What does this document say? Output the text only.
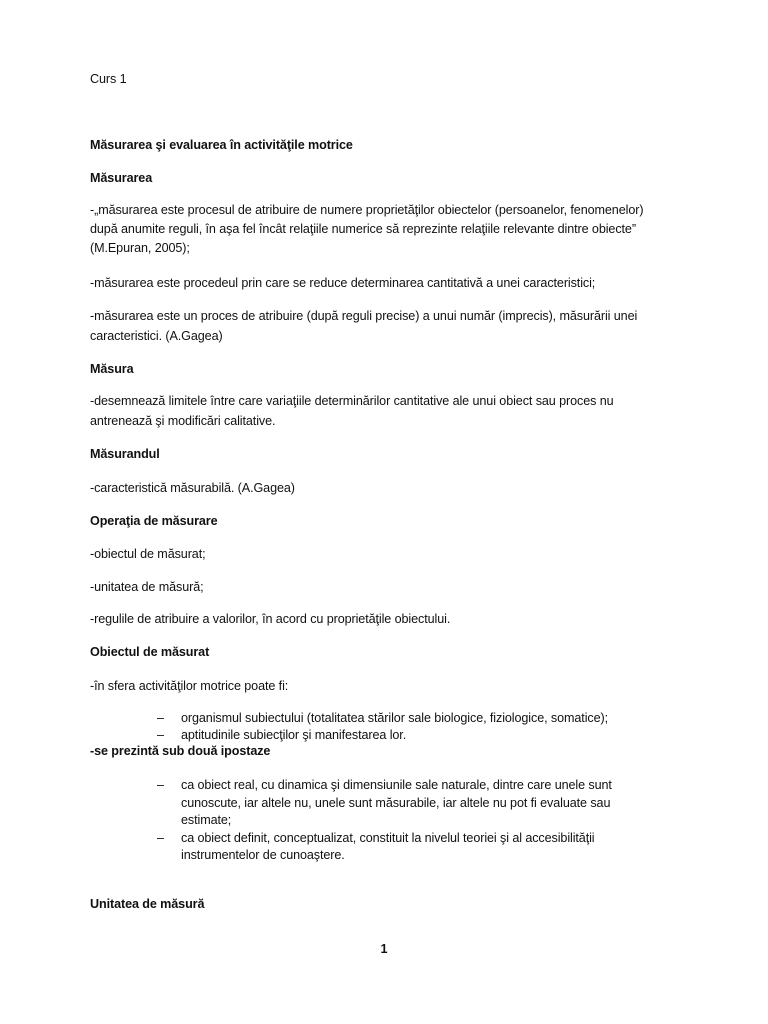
Curs 1
Măsurarea şi evaluarea în activităţile motrice
Măsurarea
-„măsurarea este procesul de atribuire de numere proprietăţilor obiectelor (persoanelor, fenomenelor)
după anumite reguli, în aşa fel încât relaţiile numerice să reprezinte relaţiile relevante dintre obiecte”
(M.Epuran, 2005);
-măsurarea este procedeul prin care se reduce determinarea cantitativă a unei caracteristici;
-măsurarea este un proces de atribuire (după reguli precise) a unui număr (imprecis), măsurării unei
caracteristici. (A.Gagea)
Măsura
-desemnează limitele între care variaţiile determinărilor cantitative ale unui obiect sau proces nu
antrenează şi modificări calitative.
Măsurandul
-caracteristică măsurabilă. (A.Gagea)
Operaţia de măsurare
-obiectul de măsurat;
-unitatea de măsură;
-regulile de atribuire a valorilor, în acord cu proprietăţile obiectului.
Obiectul de măsurat
-în sfera activităţilor motrice poate fi:
– organismul subiectului (totalitatea stărilor sale biologice, fiziologice, somatice);
– aptitudinile subiecţilor şi manifestarea lor.
-se prezintă sub două ipostaze
– ca obiect real, cu dinamica şi dimensiunile sale naturale, dintre care unele sunt
cunoscute, iar altele nu, unele sunt măsurabile, iar altele nu pot fi evaluate sau
estimate;
– ca obiect definit, conceptualizat, constituit la nivelul teoriei şi al accesibilităţii
instrumentelor de cunoaştere.
Unitatea de măsură
1
